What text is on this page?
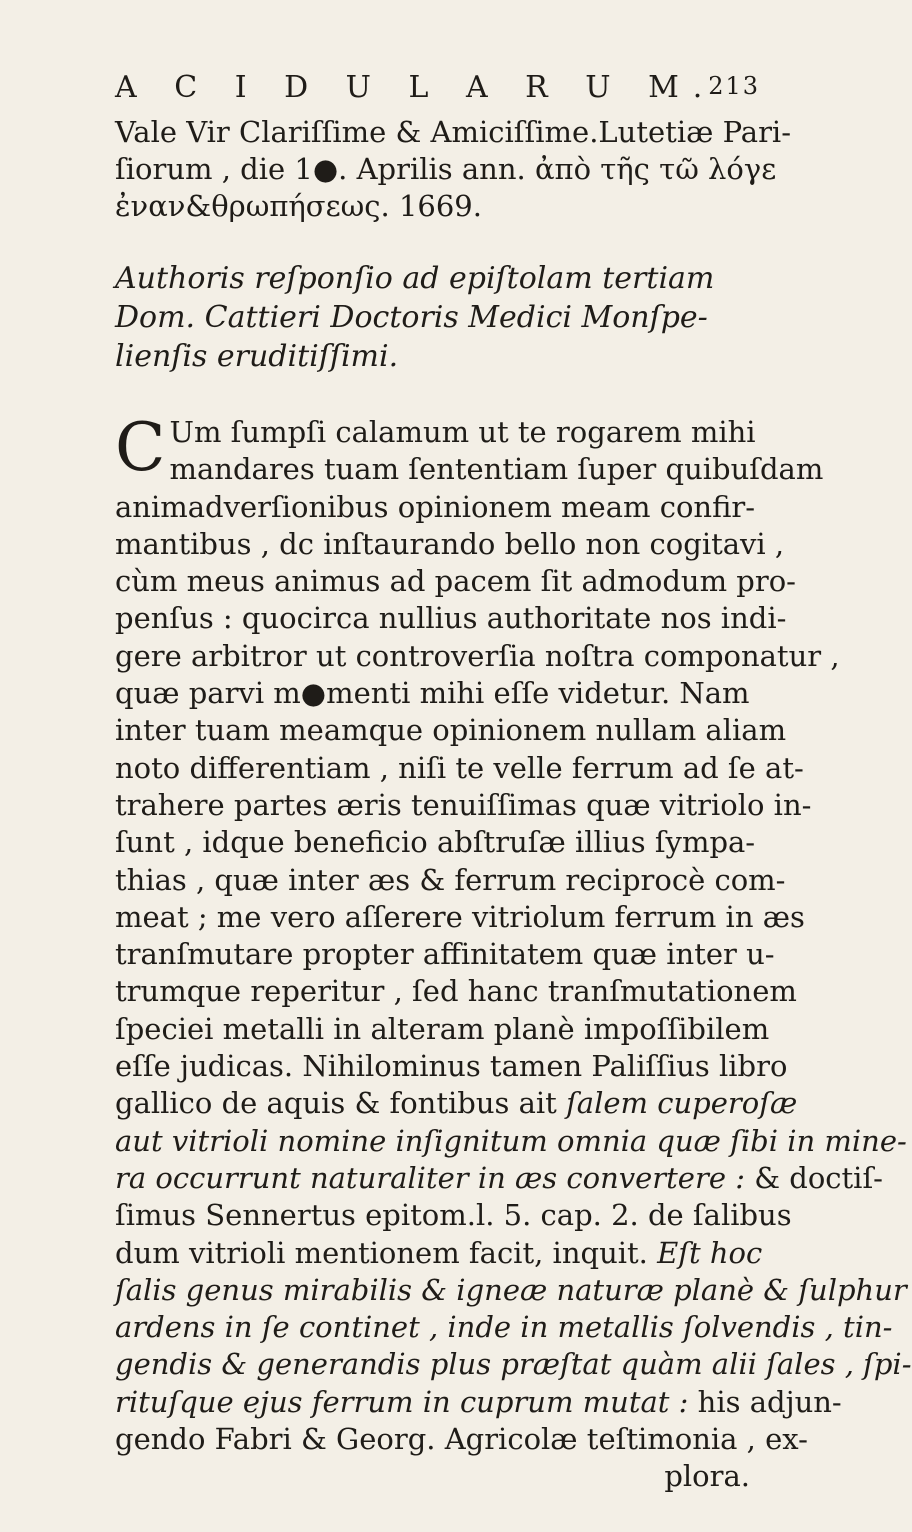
A C I D U L A R U M.
213
Vale Vir Clariſſime & Amiciſſime.Lutetiæ Pari-
ſiorum , die 1●. Aprilis ann. ἀπὸ τῆς τῶ λόγε
ἐναν&θρωπήσεως. 1669.
Authoris reſponſio ad epiſtolam tertiam
Dom. Cattieri Doctoris Medici Monſpe-
lienſis eruditiſſimi.
C Um ſumpſi calamum ut te rogarem mihi
mandares tuam ſententiam ſuper quibuſdam
animadverſionibus opinionem meam confir-
mantibus , dc inſtaurando bello non cogitavi ,
cùm meus animus ad pacem ſit admodum pro-
penſus : quocirca nullius authoritate nos indi-
gere arbitror ut controverſia noſtra componatur ,
quæ parvi m●menti mihi eſſe videtur. Nam
inter tuam meamque opinionem nullam aliam
noto differentiam , niſi te velle ferrum ad ſe at-
trahere partes æris tenuiſſimas quæ vitriolo in-
ſunt , idque beneficio abſtruſæ illius ſympa-
thias , quæ inter æs & ferrum reciprocè com-
meat ; me vero aſſerere vitriolum ferrum in æs
tranſmutare propter affinitatem quæ inter u-
trumque reperitur , ſed hanc tranſmutationem
ſpeciei metalli in alteram planè impoſſibilem
eſſe judicas. Nihilominus tamen Paliſſius libro
gallico de aquis & fontibus ait ſalem cuperoſæ
aut vitrioli nomine inſignitum omnia quæ ſibi in mine-
ra occurrunt naturaliter in æs convertere : & doctiſ-
ſimus Sennertus epitom.l. 5. cap. 2. de ſalibus
dum vitrioli mentionem facit, inquit. Eſt hoc
ſalis genus mirabilis & igneæ naturæ planè & ſulphur
ardens in ſe continet , inde in metallis ſolvendis , tin-
gendis & generandis plus præſtat quàm alii ſales , ſpi-
rituſque ejus ferrum in cuprum mutat : his adjun-
gendo Fabri & Georg. Agricolæ teſtimonia , ex-
plora.
